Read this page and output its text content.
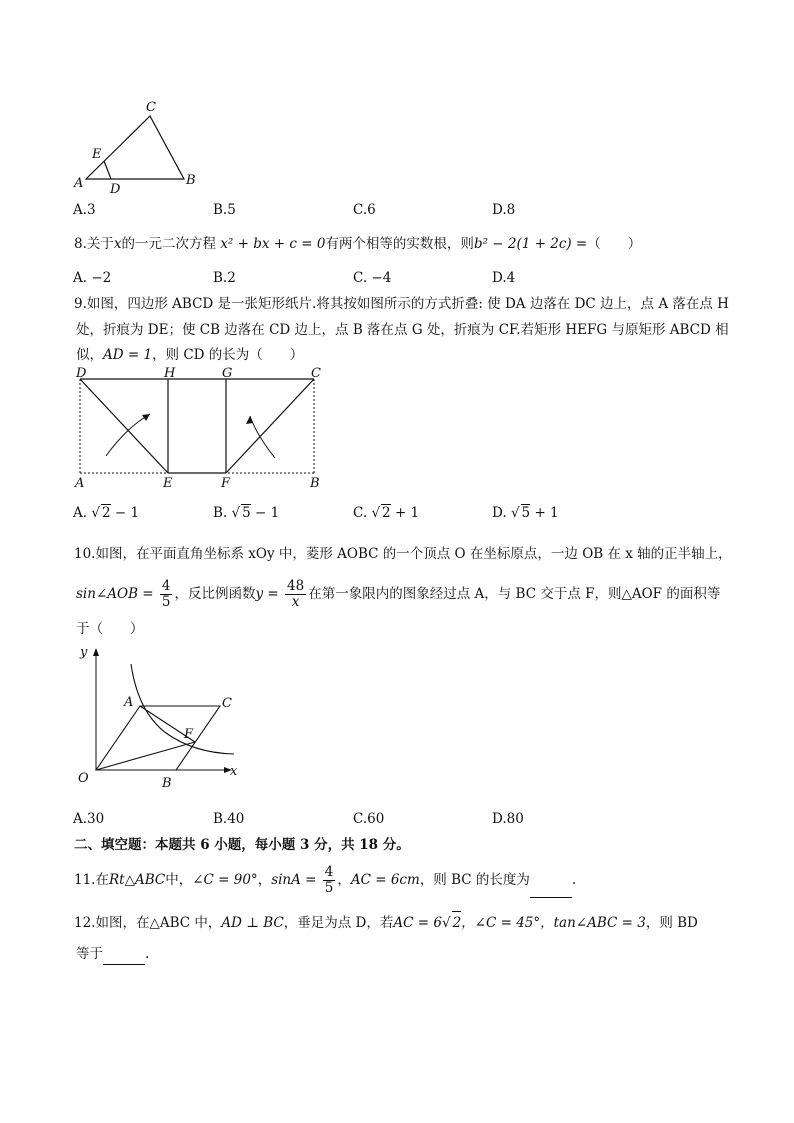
C
E
A D
B
A.3	B.5	C.6	D.8
8.关于x的一元二次方程 x² + bx + c = 0有两个相等的实数根，则b² − 2(1 + 2c) =（　　）
A. −2	B.2	C. −4	D.4
9.如图，四边形 ABCD 是一张矩形纸片.将其按如图所示的方式折叠: 使 DA 边落在 DC 边上，点 A 落在点 H
处，折痕为 DE；使 CB 边落在 CD 边上，点 B 落在点 G 处，折痕为 CF.若矩形 HEFG 与原矩形 ABCD 相
似，AD = 1，则 CD 的长为（　　）
D	H	G	C
A	E	F	B
A. √ 2 − 1	B. √ 5 − 1	C. √ 2 + 1	D. √ 5 + 1
10.如图，在平面直角坐标系 xOy 中，菱形 AOBC 的一个顶点 O 在坐标原点，一边 OB 在 x 轴的正半轴上，
sin∠AOB = $\frac{4}{5}$ ，反比例函数$y = \frac{48}{x}$ 在第一象限内的图象经过点 A，与 BC 交于点 F，则△AOF 的面积等
于（　　）
y
x
O
A	C
F
B
A.30	B.40	C.60	D.80
二、填空题：本题共 6 小题，每小题 3 分，共 18 分。
11.在Rt△ABC中，∠C = 90°，$\sin A = \frac{4}{5}$ ，AC = 6cm，则 BC 的长度为	.
12.如图，在△ABC 中，AD ⊥ BC，垂足为点 D，若AC = 6√ 2，∠C = 45°，tan∠ABC = 3，则 BD
等于	.
